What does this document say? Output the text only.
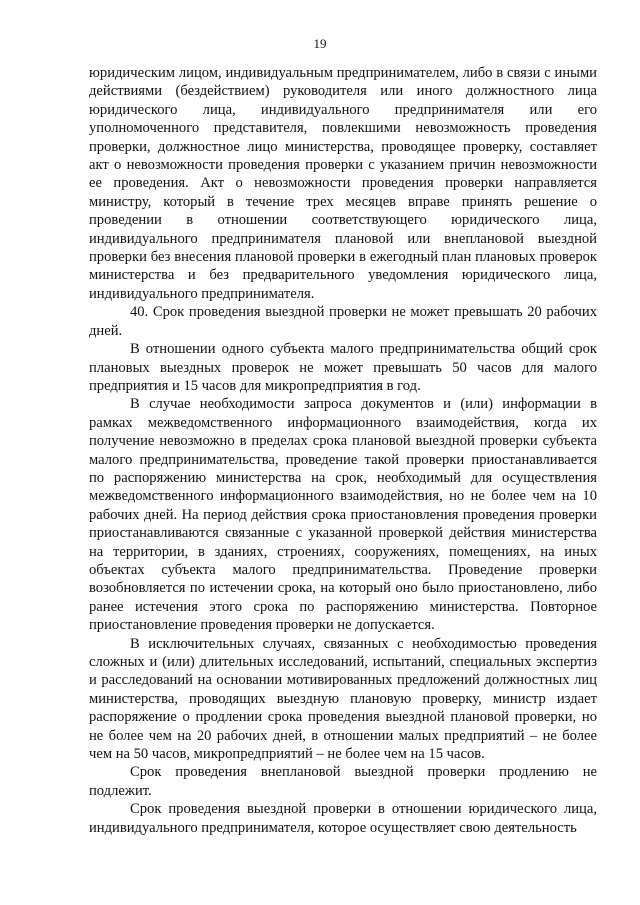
19

юридическим лицом, индивидуальным предпринимателем, либо в связи с иными действиями (бездействием) руководителя или иного должностного лица юридического лица, индивидуального предпринимателя или его уполномоченного представителя, повлекшими невозможность проведения проверки, должностное лицо министерства, проводящее проверку, составляет акт о невозможности проведения проверки с указанием причин невозможности ее проведения. Акт о невозможности проведения проверки направляется министру, который в течение трех месяцев вправе принять решение о проведении в отношении соответствующего юридического лица, индивидуального предпринимателя плановой или внеплановой выездной проверки без внесения плановой проверки в ежегодный план плановых проверок министерства и без предварительного уведомления юридического лица, индивидуального предпринимателя.

40. Срок проведения выездной проверки не может превышать 20 рабочих дней.

В отношении одного субъекта малого предпринимательства общий срок плановых выездных проверок не может превышать 50 часов для малого предприятия и 15 часов для микропредприятия в год.

В случае необходимости запроса документов и (или) информации в рамках межведомственного информационного взаимодействия, когда их получение невозможно в пределах срока плановой выездной проверки субъекта малого предпринимательства, проведение такой проверки приостанавливается по распоряжению министерства на срок, необходимый для осуществления межведомственного информационного взаимодействия, но не более чем на 10 рабочих дней. На период действия срока приостановления проведения проверки приостанавливаются связанные с указанной проверкой действия министерства на территории, в зданиях, строениях, сооружениях, помещениях, на иных объектах субъекта малого предпринимательства. Проведение проверки возобновляется по истечении срока, на который оно было приостановлено, либо ранее истечения этого срока по распоряжению министерства. Повторное приостановление проведения проверки не допускается.

В исключительных случаях, связанных с необходимостью проведения сложных и (или) длительных исследований, испытаний, специальных экспертиз и расследований на основании мотивированных предложений должностных лиц министерства, проводящих выездную плановую проверку, министр издает распоряжение о продлении срока проведения выездной плановой проверки, но не более чем на 20 рабочих дней, в отношении малых предприятий – не более чем на 50 часов, микропредприятий – не более чем на 15 часов.

Срок проведения внеплановой выездной проверки продлению не подлежит.

Срок проведения выездной проверки в отношении юридического лица, индивидуального предпринимателя, которое осуществляет свою деятельность
